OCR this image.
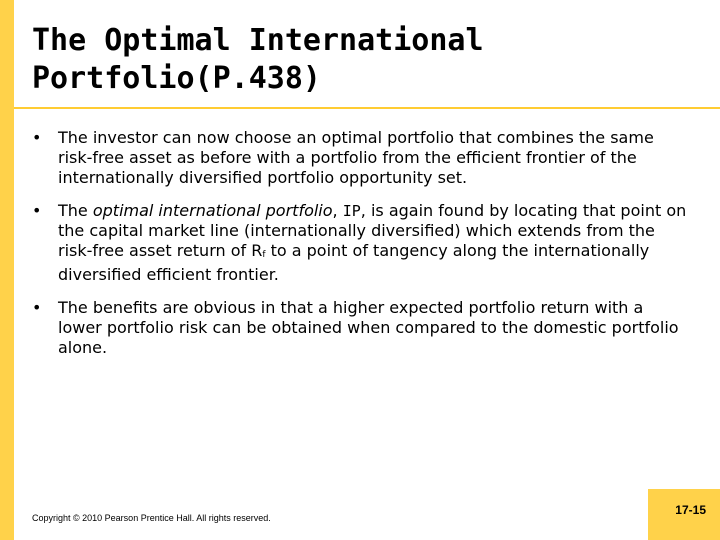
The Optimal International Portfolio(P.438)
• The investor can now choose an optimal portfolio that combines the same risk-free asset as before with a portfolio from the efficient frontier of the internationally diversified portfolio opportunity set.
• The optimal international portfolio, IP, is again found by locating that point on the capital market line (internationally diversified) which extends from the risk-free asset return of $R_f$ to a point of tangency along the internationally diversified efficient frontier.
• The benefits are obvious in that a higher expected portfolio return with a lower portfolio risk can be obtained when compared to the domestic portfolio alone.
Copyright © 2010 Pearson Prentice Hall. All rights reserved.
17-15
